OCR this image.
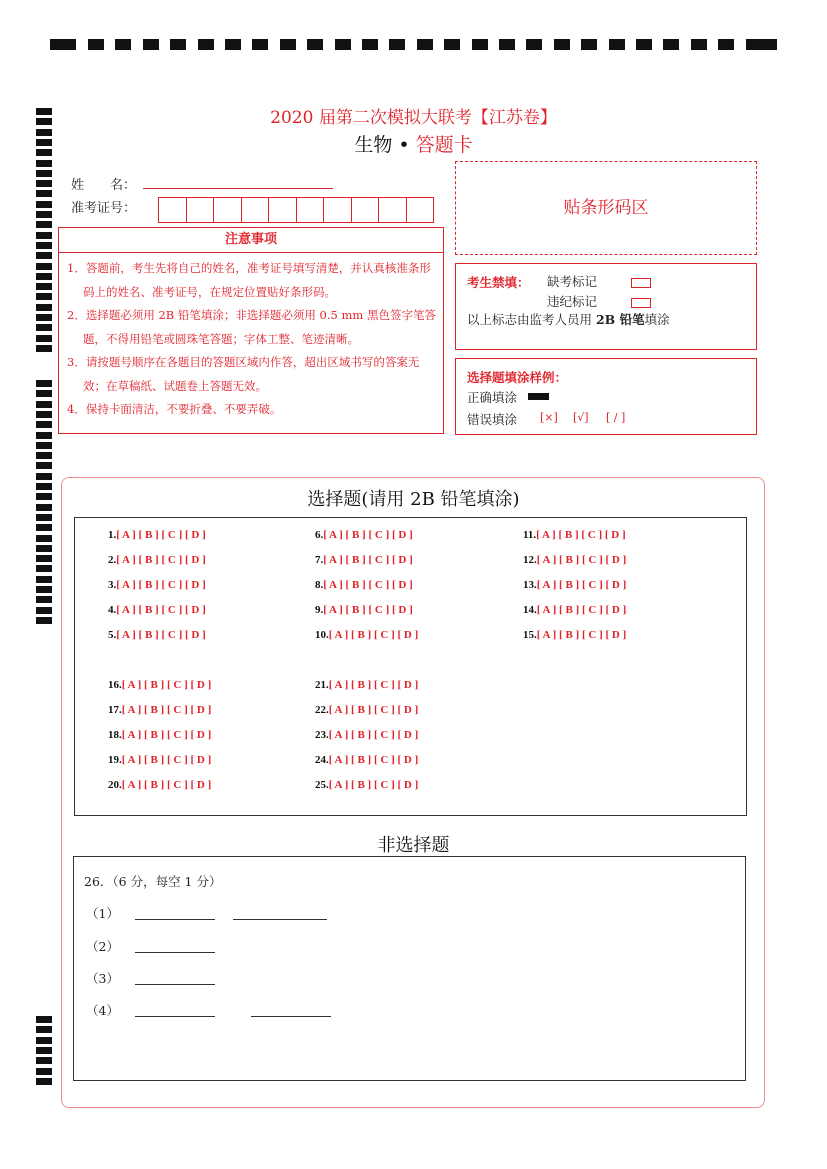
2020 届第二次模拟大联考【江苏卷】
生物 • 答题卡
姓　　名：
准考证号：	贴条形码区
注意事项
1．答题前，考生先将自己的姓名，准考证号填写清楚，并认真核准条形码上的姓名、准考证号，在规定位置贴好条形码。
2．选择题必须用 2B 铅笔填涂；非选择题必须用 0.5 mm 黑色签字笔答题，不得用铅笔或圆珠笔答题；字体工整、笔迹清晰。
3．请按题号顺序在各题目的答题区域内作答，超出区域书写的答案无效；在草稿纸、试题卷上答题无效。
4．保持卡面清洁，不要折叠、不要弄破。
考生禁填： 缺考标记
违纪标记
以上标志由监考人员用 2B 铅笔填涂
选择题填涂样例：
正确填涂
错误填涂 [×] [√] [ / ]
选择题(请用 2B 铅笔填涂)
1.[ A ] [ B ] [ C ] [ D ]
2.[ A ] [ B ] [ C ] [ D ]
3.[ A ] [ B ] [ C ] [ D ]
4.[ A ] [ B ] [ C ] [ D ]
5.[ A ] [ B ] [ C ] [ D ]
6.[ A ] [ B ] [ C ] [ D ]
7.[ A ] [ B ] [ C ] [ D ]
8.[ A ] [ B ] [ C ] [ D ]
9.[ A ] [ B ] [ C ] [ D ]
10.[ A ] [ B ] [ C ] [ D ]
11.[ A ] [ B ] [ C ] [ D ]
12.[ A ] [ B ] [ C ] [ D ]
13.[ A ] [ B ] [ C ] [ D ]
14.[ A ] [ B ] [ C ] [ D ]
15.[ A ] [ B ] [ C ] [ D ]
16.[ A ] [ B ] [ C ] [ D ]
17.[ A ] [ B ] [ C ] [ D ]
18.[ A ] [ B ] [ C ] [ D ]
19.[ A ] [ B ] [ C ] [ D ]
20.[ A ] [ B ] [ C ] [ D ]
21.[ A ] [ B ] [ C ] [ D ]
22.[ A ] [ B ] [ C ] [ D ]
23.[ A ] [ B ] [ C ] [ D ]
24.[ A ] [ B ] [ C ] [ D ]
25.[ A ] [ B ] [ C ] [ D ]
非选择题
26．（6 分，每空 1 分）
（1）
（2）
（3）
（4）
